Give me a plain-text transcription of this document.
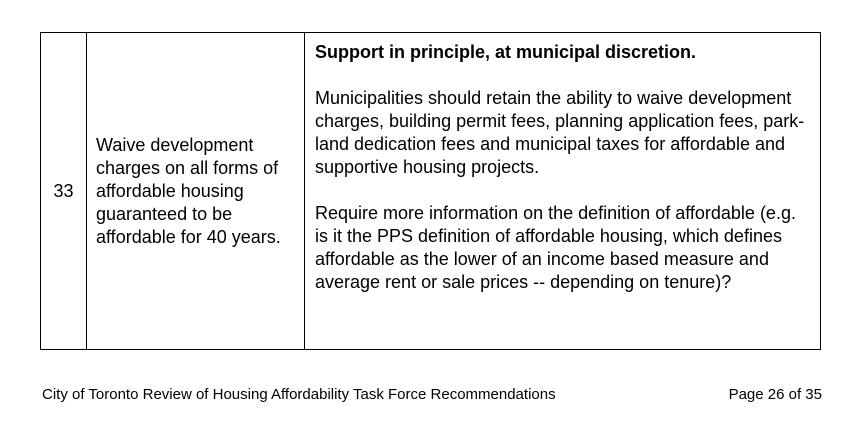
33	Waive development charges on all forms of affordable housing guaranteed to be affordable for 40 years.	

Support in principle, at municipal discretion.

Municipalities should retain the ability to waive development charges, building permit fees, planning application fees, park-land dedication fees and municipal taxes for affordable and supportive housing projects.

Require more information on the definition of affordable (e.g. is it the PPS definition of affordable housing, which defines affordable as the lower of an income based measure and average rent or sale prices -- depending on tenure)?

City of Toronto Review of Housing Affordability Task Force Recommendations	Page 26 of 35
